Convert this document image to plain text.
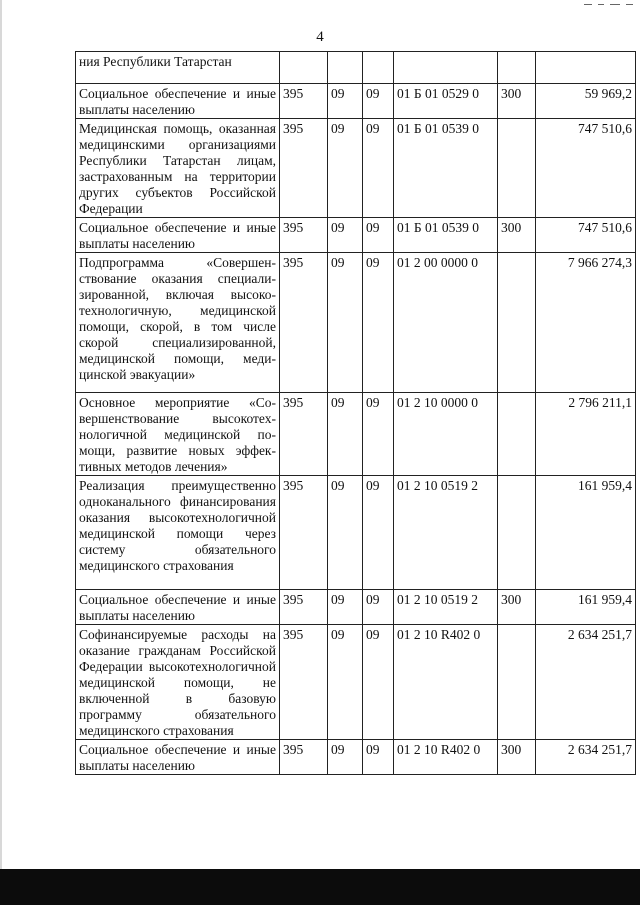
4
ния Республики Татарстан						
Социальное обеспечение и иные выплаты населению	395	09	09	01 Б 01 0529 0	300	59 969,2
Медицинская помощь, оказанная медицинскими организациями Республики Татарстан лицам, застрахованным на территории других субъектов Российской Федерации	395	09	09	01 Б 01 0539 0		747 510,6
Социальное обеспечение и иные выплаты населению	395	09	09	01 Б 01 0539 0	300	747 510,6
Подпрограмма «Совершенствование оказания специализированной, включая высокотехнологичную, медицинской помощи, скорой, в том числе скорой специализированной, медицинской помощи, медицинской эвакуации»	395	09	09	01 2 00 0000 0		7 966 274,3
Основное мероприятие «Совершенствование высокотехнологичной медицинской помощи, развитие новых эффективных методов лечения»	395	09	09	01 2 10 0000 0		2 796 211,1
Реализация преимущественно одноканального финансирования оказания высокотехнологичной медицинской помощи через систему обязательного медицинского страхования	395	09	09	01 2 10 0519 2		161 959,4
Социальное обеспечение и иные выплаты населению	395	09	09	01 2 10 0519 2	300	161 959,4
Софинансируемые расходы на оказание гражданам Российской Федерации высокотехнологичной медицинской помощи, не включенной в базовую программу обязательного медицинского страхования	395	09	09	01 2 10 R402 0		2 634 251,7
Социальное обеспечение и иные выплаты населению	395	09	09	01 2 10 R402 0	300	2 634 251,7
